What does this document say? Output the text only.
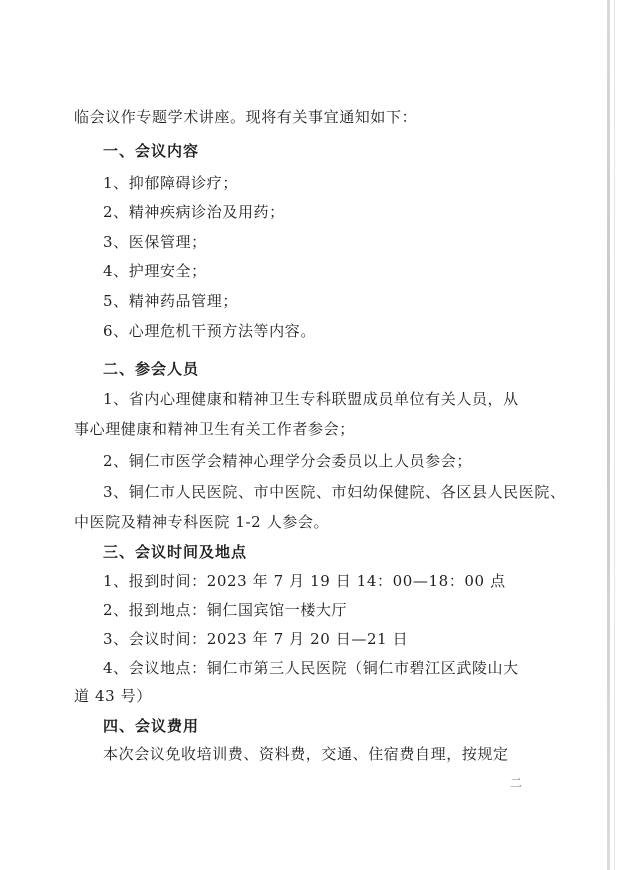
临会议作专题学术讲座。现将有关事宜通知如下：
一、会议内容
1、抑郁障碍诊疗；
2、精神疾病诊治及用药；
3、医保管理；
4、护理安全；
5、精神药品管理；
6、心理危机干预方法等内容。
二、参会人员
1、省内心理健康和精神卫生专科联盟成员单位有关人员，从
事心理健康和精神卫生有关工作者参会；
2、铜仁市医学会精神心理学分会委员以上人员参会；
3、铜仁市人民医院、市中医院、市妇幼保健院、各区县人民医院、
中医院及精神专科医院 1-2 人参会。
三、会议时间及地点
1、报到时间：2023 年 7 月 19 日 14：00—18：00 点
2、报到地点：铜仁国宾馆一楼大厅
3、会议时间：2023 年 7 月 20 日—21 日
4、会议地点：铜仁市第三人民医院（铜仁市碧江区武陵山大
道 43 号）
四、会议费用
本次会议免收培训费、资料费，交通、住宿费自理，按规定
二
